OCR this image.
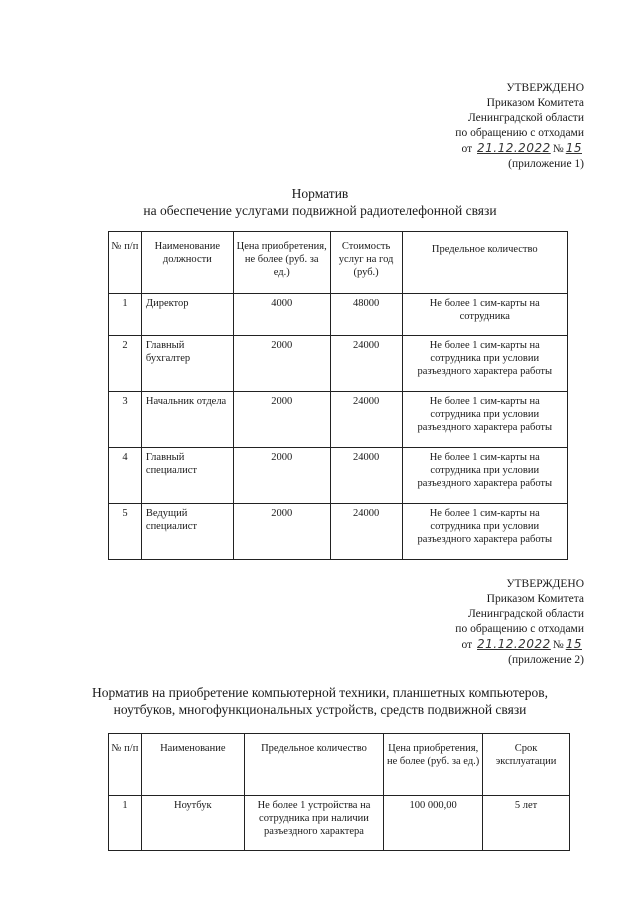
УТВЕРЖДЕНО
Приказом Комитета
Ленинградской области
по обращению с отходами
от 21.12.2022 № 15
(приложение 1)
Норматив
на обеспечение услугами подвижной радиотелефонной связи
№ п/п	Наименование должности	Цена приобретения, не более (руб. за ед.)	Стоимость услуг на год (руб.)	Предельное количество
1	Директор	4000	48000	Не более 1 сим-карты на сотрудника
2	Главный бухгалтер	2000	24000	Не более 1 сим-карты на сотрудника при условии разъездного характера работы
3	Начальник отдела	2000	24000	Не более 1 сим-карты на сотрудника при условии разъездного характера работы
4	Главный специалист	2000	24000	Не более 1 сим-карты на сотрудника при условии разъездного характера работы
5	Ведущий специалист	2000	24000	Не более 1 сим-карты на сотрудника при условии разъездного характера работы
УТВЕРЖДЕНО
Приказом Комитета
Ленинградской области
по обращению с отходами
от 21.12.2022 № 15
(приложение 2)
Норматив на приобретение компьютерной техники, планшетных компьютеров,
ноутбуков, многофункциональных устройств, средств подвижной связи
№ п/п	Наименование	Предельное количество	Цена приобретения, не более (руб. за ед.)	Срок эксплуатации
1	Ноутбук	Не более 1 устройства на сотрудника при наличии разъездного характера	100 000,00	5 лет
